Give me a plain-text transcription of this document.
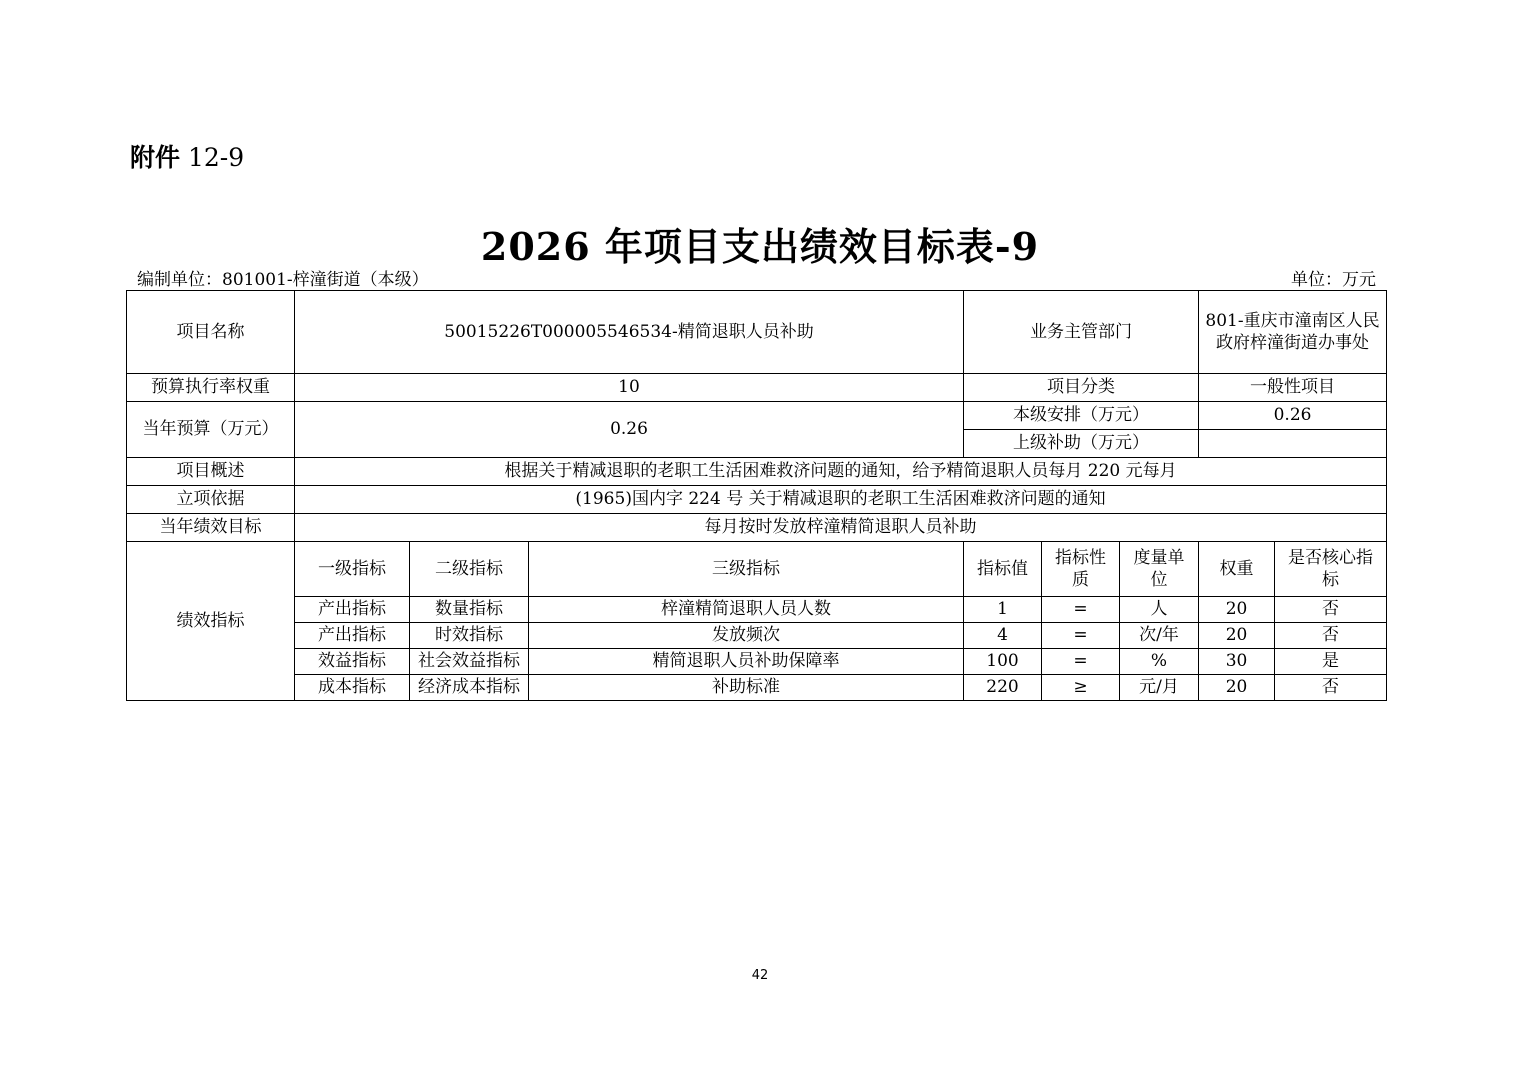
附件 12-9
2026 年项目支出绩效目标表-9
编制单位：801001-梓潼街道（本级）	单位：万元
项目名称	50015226T000005546534-精简退职人员补助			业务主管部门			801-重庆市潼南区人民政府梓潼街道办事处	
预算执行率权重	10			项目分类			一般性项目	
当年预算（万元）	0.26			本级安排（万元）			0.26	
				上级补助（万元）				
项目概述	根据关于精减退职的老职工生活困难救济问题的通知，给予精简退职人员每月 220 元每月							
立项依据	(1965)国内字 224 号 关于精减退职的老职工生活困难救济问题的通知							
当年绩效目标	每月按时发放梓潼精简退职人员补助							
绩效指标	一级指标	二级指标	三级指标	指标值	指标性质	度量单位	权重	是否核心指标
	产出指标	数量指标	梓潼精简退职人员人数	1	=	人	20	否
	产出指标	时效指标	发放频次	4	=	次/年	20	否
	效益指标	社会效益指标	精简退职人员补助保障率	100	=	%	30	是
	成本指标	经济成本指标	补助标准	220	≥	元/月	20	否
42
